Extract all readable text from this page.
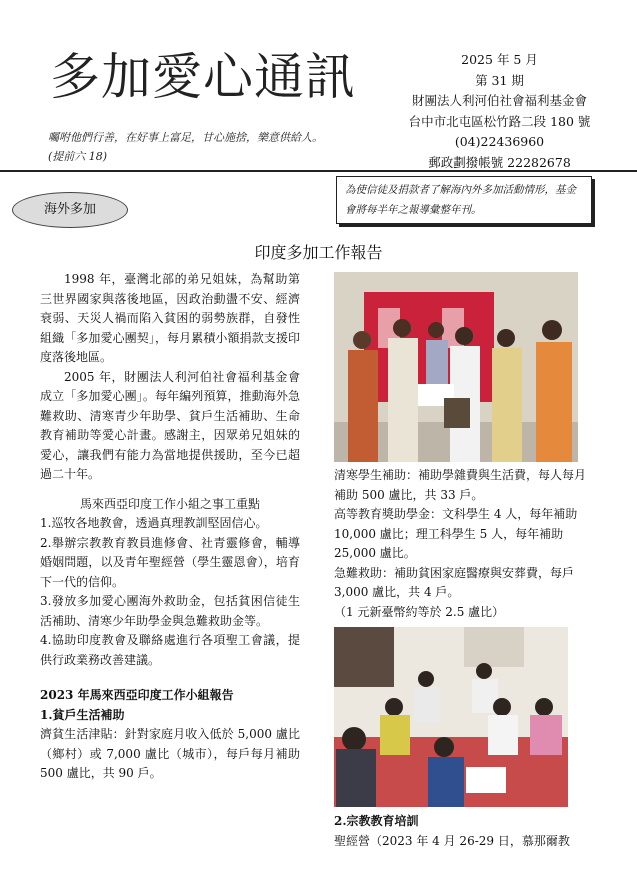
多加愛心通訊
囑咐他們行善，在好事上富足，甘心施捨，樂意供給人。
(提前六 18)
2025 年 5 月
第 31 期
財團法人利河伯社會福利基金會
台中市北屯區松竹路二段 180 號
(04)22436960
郵政劃撥帳號 22282678
海外多加
為使信徒及捐款者了解海內外多加活動情形，基金會將每半年之報導彙整年刊。
印度多加工作報告

1998 年，臺灣北部的弟兄姐妹，為幫助第三世界國家與落後地區，因政治動盪不安、經濟衰弱、天災人禍而陷入貧困的弱勢族群，自發性組織「多加愛心團契」，每月累積小額捐款支援印度落後地區。

2005 年，財團法人利河伯社會福利基金會成立「多加愛心團」。每年編列預算，推動海外急難救助、清寒青少年助學、貧戶生活補助、生命教育補助等愛心計畫。感謝主，因眾弟兄姐妹的愛心，讓我們有能力為當地提供援助，至今已超過二十年。

馬來西亞印度工作小組之事工重點

1.巡牧各地教會，透過真理教訓堅固信心。

2.舉辦宗教教育教員進修會、社青靈修會，輔導婚姻問題，以及青年聖經營（學生靈恩會），培育下一代的信仰。

3.發放多加愛心團海外救助金，包括貧困信徒生活補助、清寒少年助學金與急難救助金等。

4.協助印度教會及聯絡處進行各項聖工會議，提供行政業務改善建議。

2023 年馬來西亞印度工作小組報告

1.貧戶生活補助

濟貧生活津貼：針對家庭月收入低於 5,000 盧比（鄉村）或 7,000 盧比（城市），每戶每月補助 500 盧比，共 90 戶。

清寒學生補助：補助學雜費與生活費，每人每月補助 500 盧比，共 33 戶。

高等教育獎助學金：文科學生 4 人，每年補助 10,000 盧比；理工科學生 5 人，每年補助 25,000 盧比。

急難救助：補助貧困家庭醫療與安葬費，每戶 3,000 盧比，共 4 戶。

（1 元新臺幣約等於 2.5 盧比）

2.宗教教育培訓

聖經營（2023 年 4 月 26-29 日，慕那爾教
